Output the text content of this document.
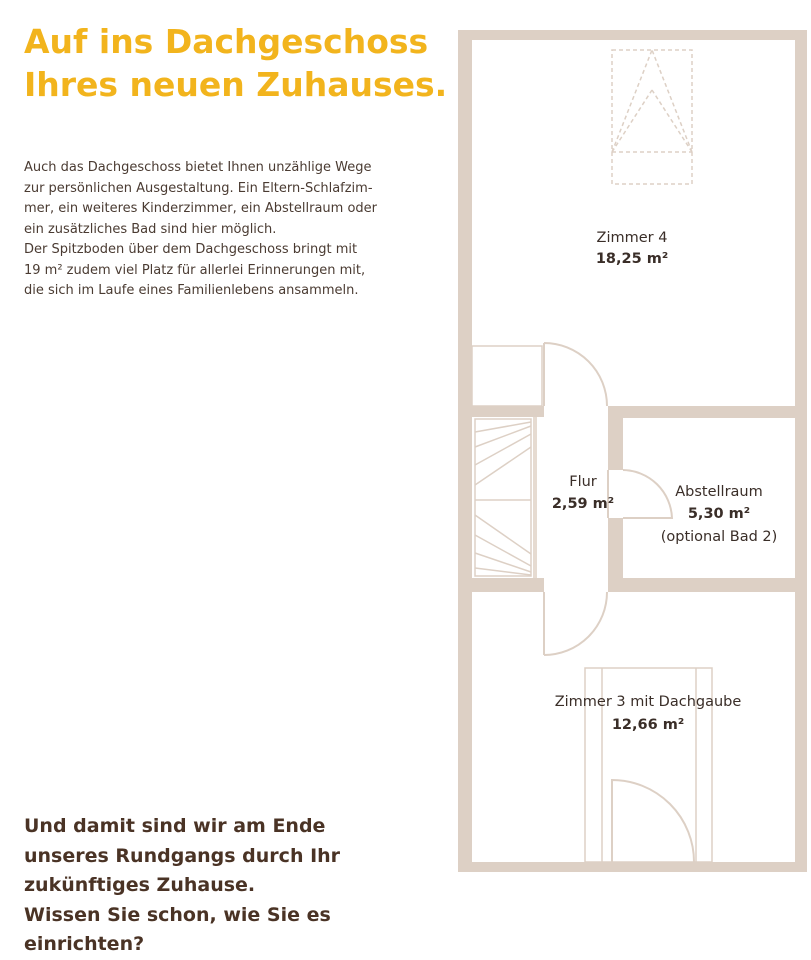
Auf ins Dachgeschoss
Ihres neuen Zuhauses.
Auch das Dachgeschoss bietet Ihnen unzählige Wege
zur persönlichen Ausgestaltung. Ein Eltern-Schlafzim-
mer, ein weiteres Kinderzimmer, ein Abstellraum oder
ein zusätzliches Bad sind hier möglich.
Der Spitzboden über dem Dachgeschoss bringt mit
19 m² zudem viel Platz für allerlei Erinnerungen mit,
die sich im Laufe eines Familienlebens ansammeln.
Und damit sind wir am Ende
unseres Rundgangs durch Ihr
zukünftiges Zuhause.
Wissen Sie schon, wie Sie es
einrichten?
Zimmer 4
18,25 m²
Flur
2,59 m²
Abstellraum
5,30 m²
(optional Bad 2)
Zimmer 3 mit Dachgaube
12,66 m²
